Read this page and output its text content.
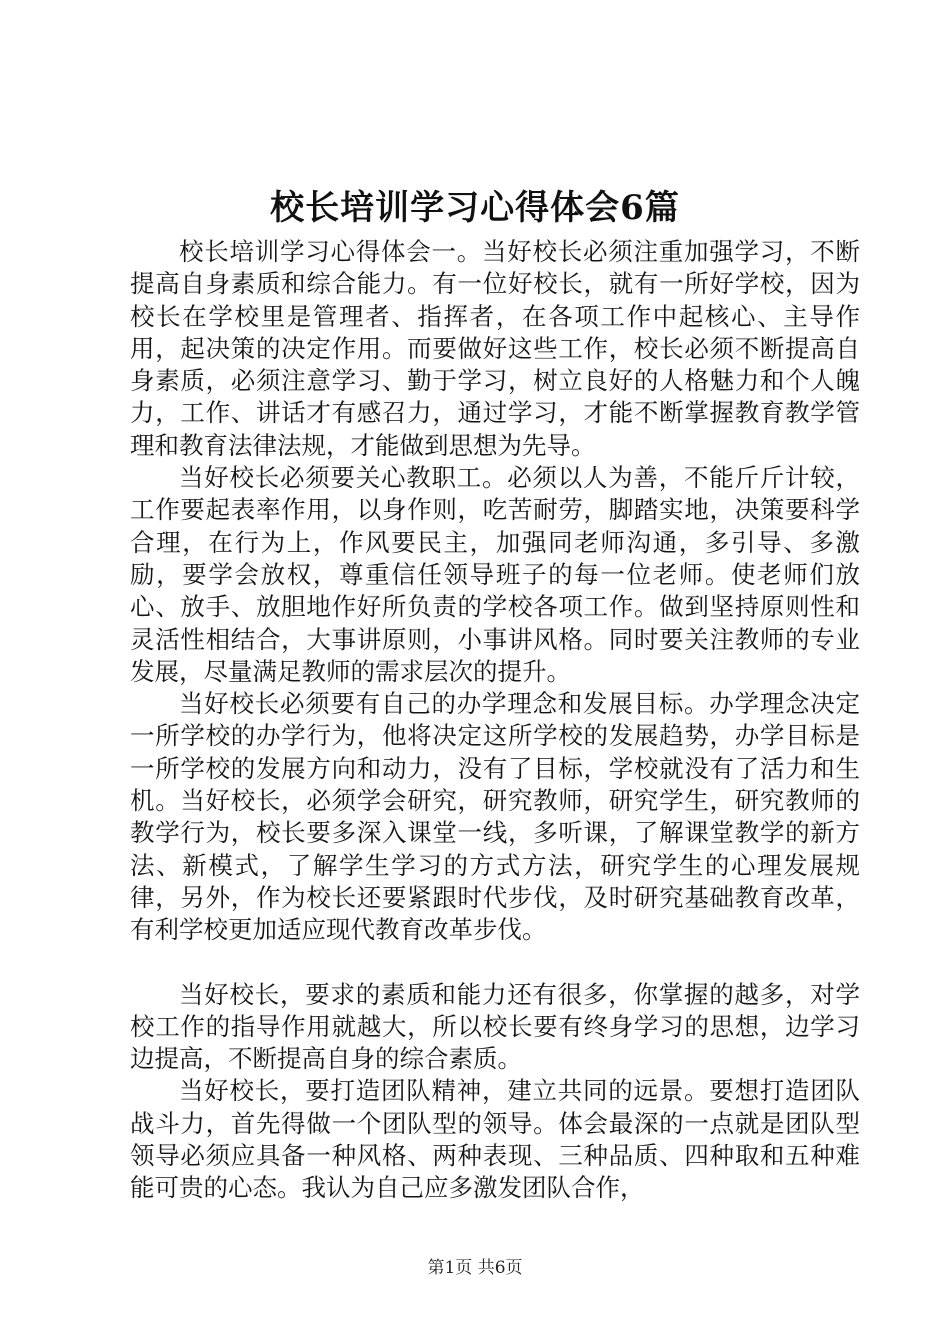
校长培训学习心得体会6篇

校长培训学习心得体会一。当好校长必须注重加强学习，不断提高自身素质和综合能力。有一位好校长，就有一所好学校，因为校长在学校里是管理者、指挥者，在各项工作中起核心、主导作用，起决策的决定作用。而要做好这些工作，校长必须不断提高自身素质，必须注意学习、勤于学习，树立良好的人格魅力和个人魄力，工作、讲话才有感召力，通过学习，才能不断掌握教育教学管理和教育法律法规，才能做到思想为先导。

当好校长必须要关心教职工。必须以人为善，不能斤斤计较，工作要起表率作用，以身作则，吃苦耐劳，脚踏实地，决策要科学合理，在行为上，作风要民主，加强同老师沟通，多引导、多激励，要学会放权，尊重信任领导班子的每一位老师。使老师们放心、放手、放胆地作好所负责的学校各项工作。做到坚持原则性和灵活性相结合，大事讲原则，小事讲风格。同时要关注教师的专业发展，尽量满足教师的需求层次的提升。

当好校长必须要有自己的办学理念和发展目标。办学理念决定一所学校的办学行为，他将决定这所学校的发展趋势，办学目标是一所学校的发展方向和动力，没有了目标，学校就没有了活力和生机。当好校长，必须学会研究，研究教师，研究学生，研究教师的教学行为，校长要多深入课堂一线，多听课，了解课堂教学的新方法、新模式，了解学生学习的方式方法，研究学生的心理发展规律，另外，作为校长还要紧跟时代步伐，及时研究基础教育改革，有利学校更加适应现代教育改革步伐。

当好校长，要求的素质和能力还有很多，你掌握的越多，对学校工作的指导作用就越大，所以校长要有终身学习的思想，边学习边提高，不断提高自身的综合素质。

当好校长，要打造团队精神，建立共同的远景。要想打造团队战斗力，首先得做一个团队型的领导。体会最深的一点就是团队型领导必须应具备一种风格、两种表现、三种品质、四种取和五种难能可贵的心态。我认为自己应多激发团队合作，

第1页 共6页
